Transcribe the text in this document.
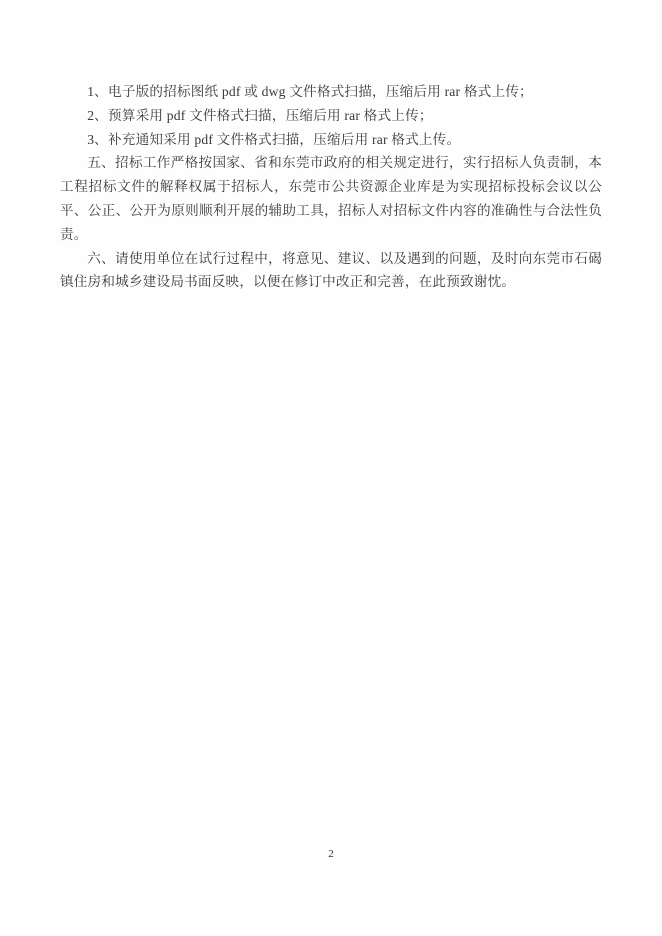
1、电子版的招标图纸 pdf 或 dwg 文件格式扫描，压缩后用 rar 格式上传；

2、预算采用 pdf 文件格式扫描，压缩后用 rar 格式上传；

3、补充通知采用 pdf 文件格式扫描，压缩后用 rar 格式上传。

五、招标工作严格按国家、省和东莞市政府的相关规定进行，实行招标人负责制，本工程招标文件的解释权属于招标人，东莞市公共资源企业库是为实现招标投标会议以公平、公正、公开为原则顺利开展的辅助工具，招标人对招标文件内容的准确性与合法性负责。

六、请使用单位在试行过程中，将意见、建议、以及遇到的问题，及时向东莞市石碣镇住房和城乡建设局书面反映，以便在修订中改正和完善，在此预致谢忱。

2
